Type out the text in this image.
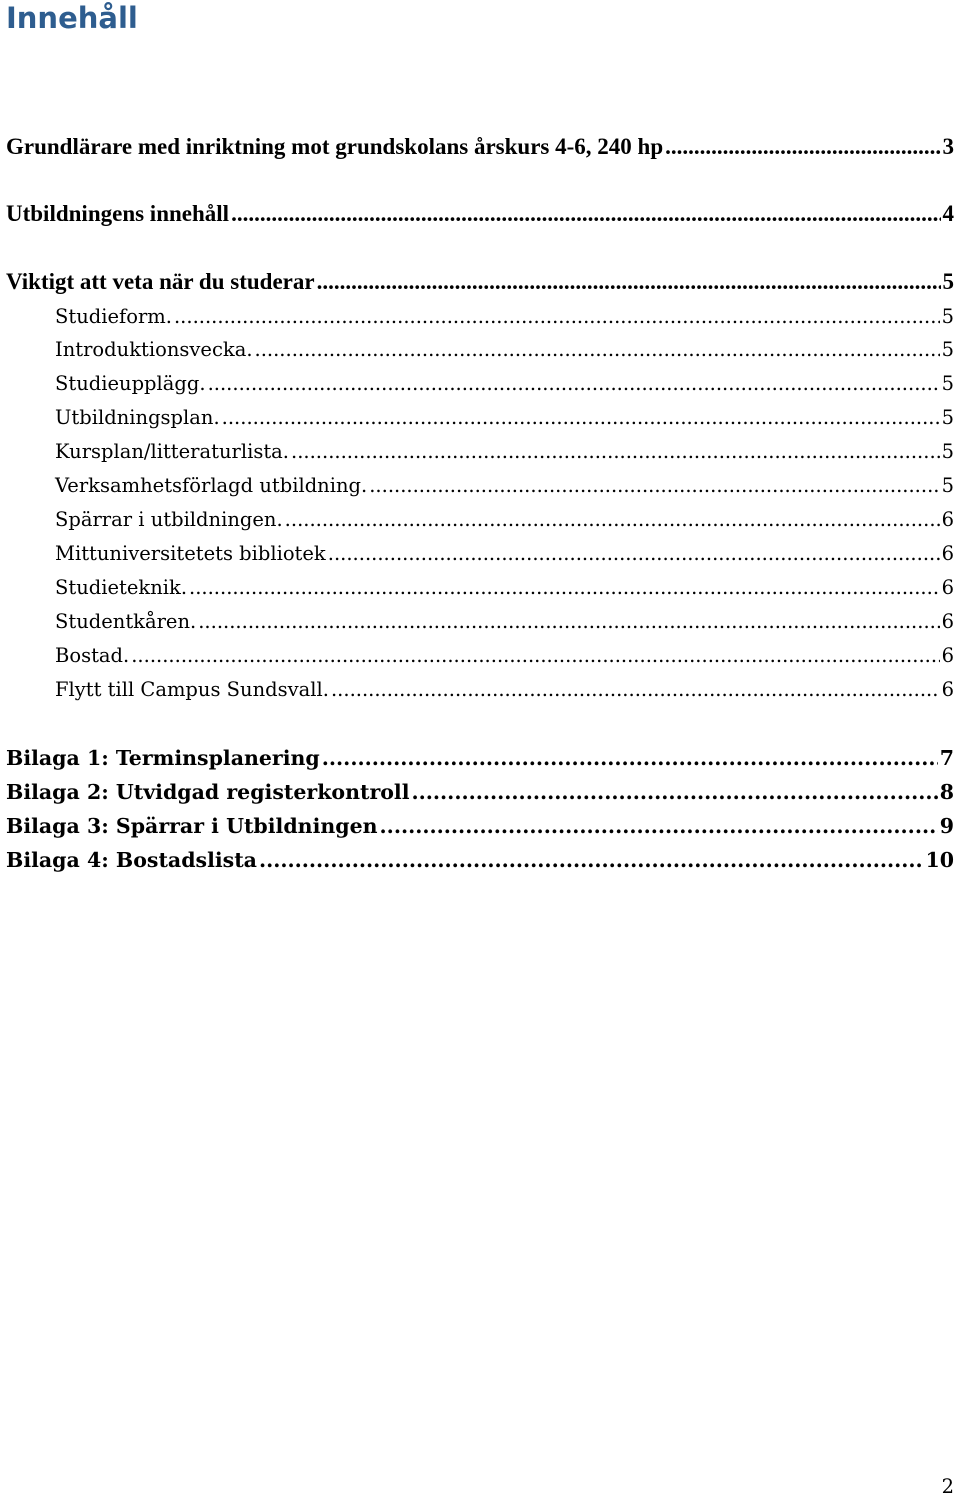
Innehåll
Grundlärare med inriktning mot grundskolans årskurs 4-6, 240 hp .....	3
Utbildningens innehåll .....	4
Viktigt att veta när du studerar .....	5
Studieform. .....	5
Introduktionsvecka. .....	5
Studieupplägg. .....	5
Utbildningsplan. .....	5
Kursplan/litteraturlista. .....	5
Verksamhetsförlagd utbildning. .....	5
Spärrar i utbildningen. .....	6
Mittuniversitetets bibliotek .....	6
Studieteknik. .....	6
Studentkåren. .....	6
Bostad. .....	6
Flytt till Campus Sundsvall. .....	6
Bilaga 1: Terminsplanering .....	7
Bilaga 2: Utvidgad registerkontroll .....	8
Bilaga 3: Spärrar i Utbildningen .....	9
Bilaga 4: Bostadslista .....	10
2
